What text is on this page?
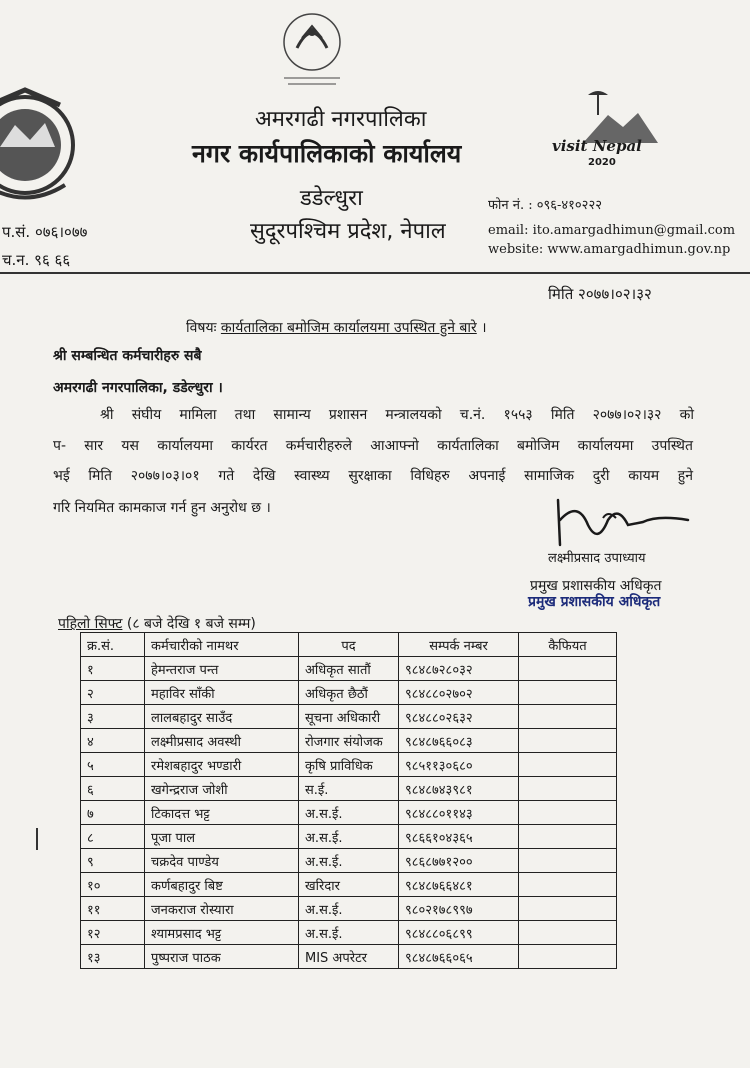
visit Nepal
2020
अमरगढी नगरपालिका
नगर कार्यपालिकाको कार्यालय
डडेल्धुरा
सुदूरपश्चिम प्रदेश, नेपाल
प.सं. ०७६।०७७
च.न. ९६ ६६
फोन नं. : ०९६-४१०२२२
email: ito.amargadhimun@gmail.com
website: www.amargadhimun.gov.np
मिति २०७७।०२।३२
विषयः कार्यतालिका बमोजिम कार्यालयमा उपस्थित हुने बारे ।
श्री सम्बन्धित कर्मचारीहरु सबै
अमरगढी नगरपालिका, डडेल्धुरा ।
श्री संघीय मामिला तथा सामान्य प्रशासन मन्त्रालयको च.नं. १५५३ मिति २०७७।०२।३२ को
प- सार यस कार्यालयमा कार्यरत कर्मचारीहरुले आआफ्नो कार्यतालिका बमोजिम कार्यालयमा उपस्थित
भई मिति २०७७।०३।०१ गते देखि स्वास्थ्य सुरक्षाका विधिहरु अपनाई सामाजिक दुरी कायम हुने
गरि नियमित कामकाज गर्न हुन अनुरोध छ ।
लक्ष्मीप्रसाद उपाध्याय
प्रमुख प्रशासकीय अधिकृत
प्रमुख प्रशासकीय अधिकृत
पहिलो सिफ्ट (८ बजे देखि १ बजे सम्म)
क्र.सं.	कर्मचारीको नामथर	पद	सम्पर्क नम्बर	कैफियत
१	हेमन्तराज पन्त	अधिकृत सातौं	९८४८७२८०३२	
२	महाविर साँकी	अधिकृत छैठौं	९८४८८०२७०२	
३	लालबहादुर साउँद	सूचना अधिकारी	९८४८८०२६३२	
४	लक्ष्मीप्रसाद अवस्थी	रोजगार संयोजक	९८४८७६६०८३	
५	रमेशबहादुर भण्डारी	कृषि प्राविधिक	९८५११३०६८०	
६	खगेन्द्रराज जोशी	स.ई.	९८४८७४३९८१	
७	टिकादत्त भट्ट	अ.स.ई.	९८४८८०११४३	
८	पूजा पाल	अ.स.ई.	९८६६१०४३६५	
९	चक्रदेव पाण्डेय	अ.स.ई.	९८६८७७१२००	
१०	कर्णबहादुर बिष्ट	खरिदार	९८४८७६६४८१	
११	जनकराज रोस्यारा	अ.स.ई.	९८०२१७८९९७	
१२	श्यामप्रसाद भट्ट	अ.स.ई.	९८४८८०६८९९	
१३	पुष्पराज पाठक	MIS अपरेटर	९८४८७६६०६५	
